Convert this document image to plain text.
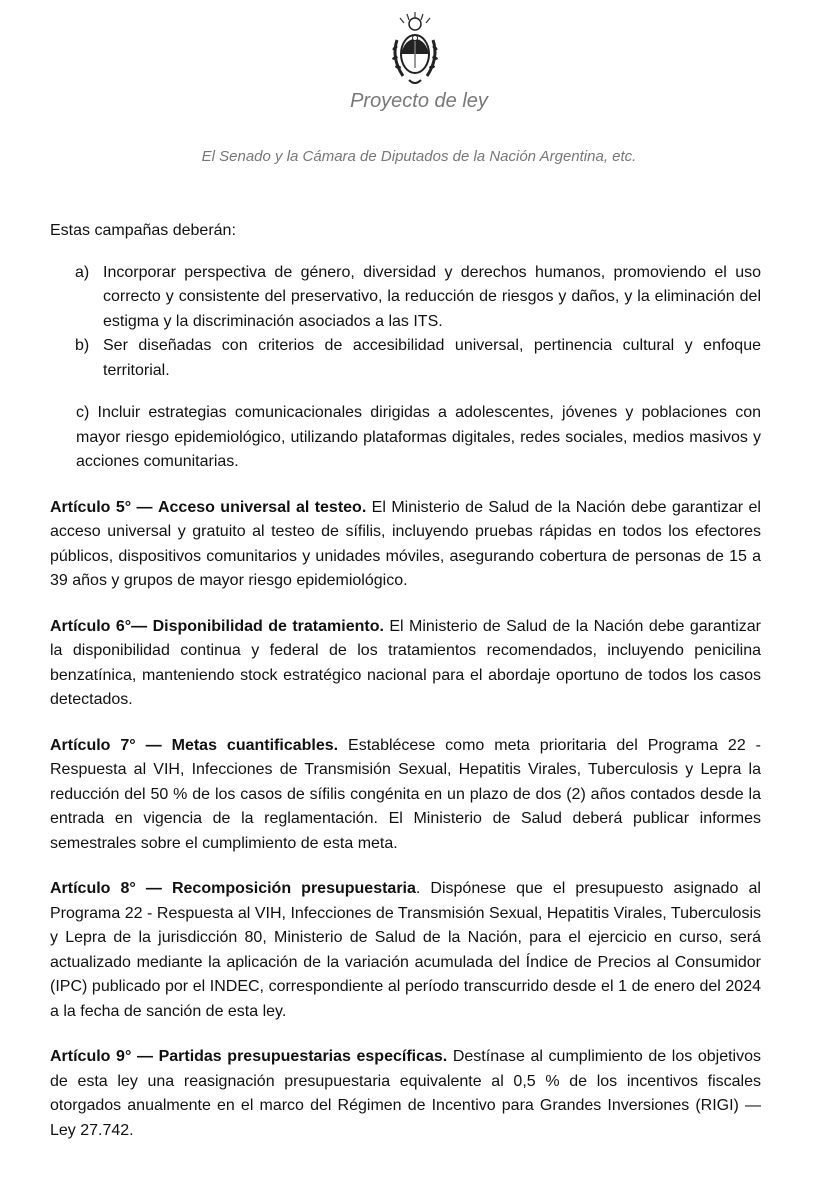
Proyecto de ley
El Senado y la Cámara de Diputados de la Nación Argentina, etc.

Estas campañas deberán:

a) Incorporar perspectiva de género, diversidad y derechos humanos, promoviendo el uso correcto y consistente del preservativo, la reducción de riesgos y daños, y la eliminación del estigma y la discriminación asociados a las ITS.
b) Ser diseñadas con criterios de accesibilidad universal, pertinencia cultural y enfoque territorial.

c) Incluir estrategias comunicacionales dirigidas a adolescentes, jóvenes y poblaciones con mayor riesgo epidemiológico, utilizando plataformas digitales, redes sociales, medios masivos y acciones comunitarias.

Artículo 5° — Acceso universal al testeo. El Ministerio de Salud de la Nación debe garantizar el acceso universal y gratuito al testeo de sífilis, incluyendo pruebas rápidas en todos los efectores públicos, dispositivos comunitarios y unidades móviles, asegurando cobertura de personas de 15 a 39 años y grupos de mayor riesgo epidemiológico.

Artículo 6°— Disponibilidad de tratamiento. El Ministerio de Salud de la Nación debe garantizar la disponibilidad continua y federal de los tratamientos recomendados, incluyendo penicilina benzatínica, manteniendo stock estratégico nacional para el abordaje oportuno de todos los casos detectados.

Artículo 7° — Metas cuantificables. Establécese como meta prioritaria del Programa 22 - Respuesta al VIH, Infecciones de Transmisión Sexual, Hepatitis Virales, Tuberculosis y Lepra la reducción del 50 % de los casos de sífilis congénita en un plazo de dos (2) años contados desde la entrada en vigencia de la reglamentación. El Ministerio de Salud deberá publicar informes semestrales sobre el cumplimiento de esta meta.

Artículo 8° — Recomposición presupuestaria. Dispónese que el presupuesto asignado al Programa 22 - Respuesta al VIH, Infecciones de Transmisión Sexual, Hepatitis Virales, Tuberculosis y Lepra de la jurisdicción 80, Ministerio de Salud de la Nación, para el ejercicio en curso, será actualizado mediante la aplicación de la variación acumulada del Índice de Precios al Consumidor (IPC) publicado por el INDEC, correspondiente al período transcurrido desde el 1 de enero del 2024 a la fecha de sanción de esta ley.

Artículo 9° — Partidas presupuestarias específicas. Destínase al cumplimiento de los objetivos de esta ley una reasignación presupuestaria equivalente al 0,5 % de los incentivos fiscales otorgados anualmente en el marco del Régimen de Incentivo para Grandes Inversiones (RIGI) — Ley 27.742.
